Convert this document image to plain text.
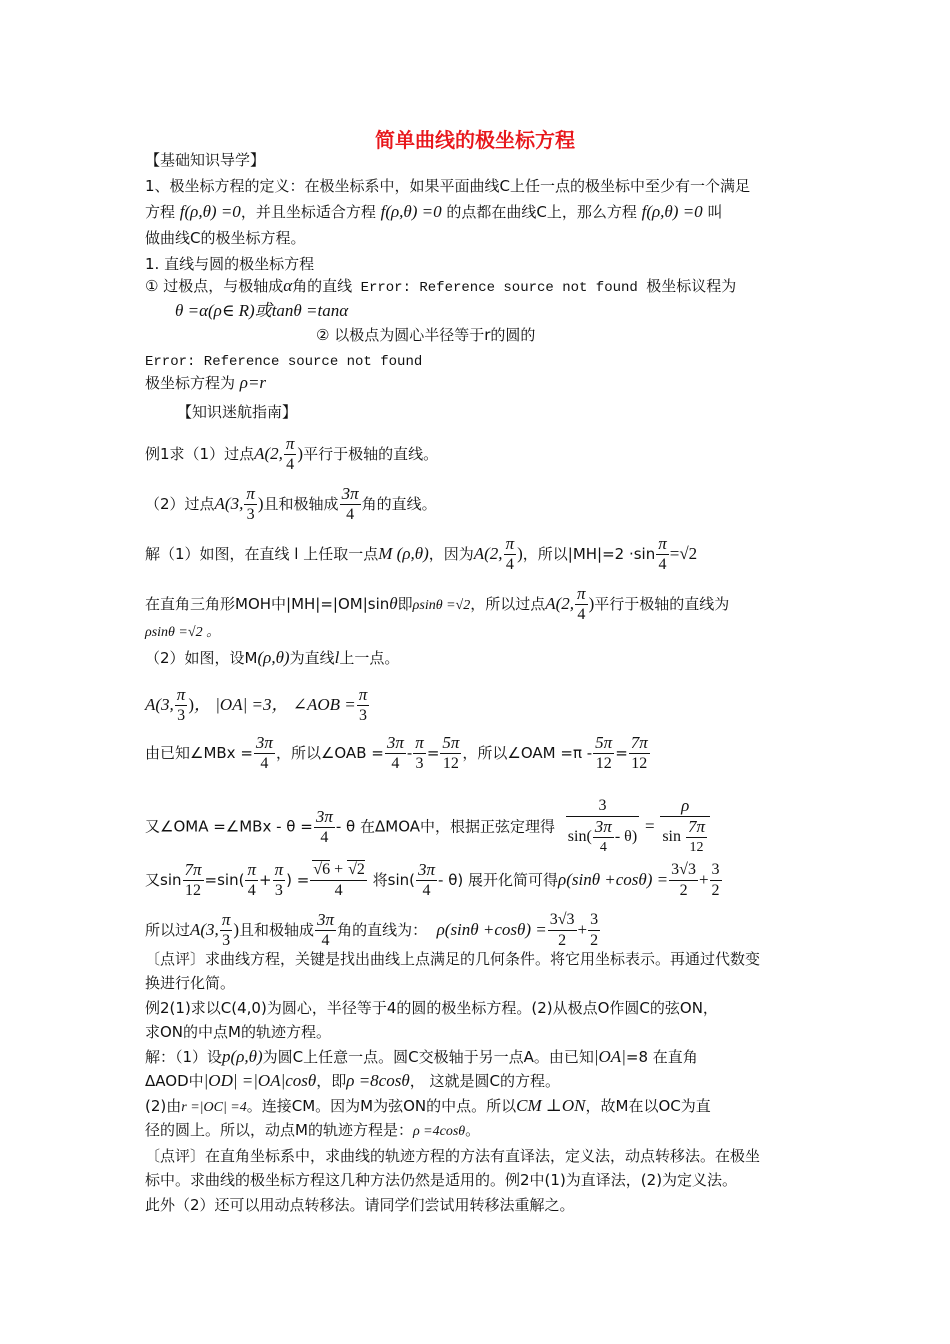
简单曲线的极坐标方程
【基础知识导学】
1、极坐标方程的定义：在极坐标系中，如果平面曲线C上任一点的极坐标中至少有一个满足
方程 f(ρ,θ) =0，并且坐标适合方程 f(ρ,θ) =0 的点都在曲线C上，那么方程 f(ρ,θ) =0 叫
做曲线C的极坐标方程。
1. 直线与圆的极坐标方程
① 过极点，与极轴成α角的直线 Error: Reference source not found 极坐标议程为
θ =α(ρ∈ R)或tanθ =tanα
② 以极点为圆心半径等于r的圆的
Error: Reference source not found
极坐标方程为 ρ=r
【知识迷航指南】
例1求（1）过点A(2, $\frac{\pi}{4}$ )平行于极轴的直线。
（2）过点A(3, $\frac{\pi}{3}$ )且和极轴成 $\frac{3\pi}{4}$ 角的直线。
解（1）如图，在直线 l 上任取一点M (ρ,θ)，因为A(2, $\frac{\pi}{4}$ )，所以$|MH|=2 \cdot\sin \frac{\pi}{4} =√2$
在直角三角形MOH中|MH|=|OM|sinθ即ρsinθ =√2，所以过点A(2, $\frac{\pi}{4}$ )平行于极轴的直线为
ρsinθ =√2 。
（2）如图，设M(ρ,θ)为直线l上一点。
A(3, $\frac{\pi}{3}$ )， |OA| =3， ∠AOB = $\frac{\pi}{3}$
由已知∠MBx = $\frac{3\pi}{4}$ ，所以∠OAB = $\frac{3\pi}{4} - \frac{\pi}{3} = \frac{5\pi}{12}$ ，所以∠OAM $=\pi - \frac{5\pi}{12} = \frac{7\pi}{12}$
又∠OMA =∠MBx - $\theta = \frac{3\pi}{4} - \theta$ 在ΔMOA中，根据正弦定理得 $\frac{3}{\sin( \frac{3\pi}{4} - \theta)} = \frac{\rho}{\sin \frac{7\pi}{12}}$
又$\sin \frac{7\pi}{12} =\sin( \frac{\pi}{4} + \frac{\pi}{3}$ ) = $\frac{√6 + √2}{4}$ 将$\sin( \frac{3\pi}{4} - \theta)$ 展开化简可得$\rho(\sin\theta +\cos\theta) = \frac{3√3}{2} + \frac{3}{2}$
所以过A(3, $\frac{\pi}{3}$ )且和极轴成 $\frac{3\pi}{4}$ 角的直线为： $\rho(\sin\theta +\cos\theta) = \frac{3√3}{2} + \frac{3}{2}$
〔点评〕求曲线方程，关键是找出曲线上点满足的几何条件。将它用坐标表示。再通过代数变
换进行化简。
例2(1)求以C(4,0)为圆心，半径等于4的圆的极坐标方程。(2)从极点O作圆C的弦ON，
求ON的中点M的轨迹方程。
解：（1）设p(ρ,θ)为圆C上任意一点。圆C交极轴于另一点A。由已知|OA|=8 在直角
ΔAOD中|OD| =|OA|cosθ，即ρ =8cosθ， 这就是圆C的方程。
(2)由r =|OC| =4。连接CM。因为M为弦ON的中点。所以CM ⊥ON，故M在以OC为直
径的圆上。所以，动点M的轨迹方程是：ρ =4cosθ。
〔点评〕在直角坐标系中，求曲线的轨迹方程的方法有直译法，定义法，动点转移法。在极坐
标中。求曲线的极坐标方程这几种方法仍然是适用的。例2中(1)为直译法，(2)为定义法。
此外（2）还可以用动点转移法。请同学们尝试用转移法重解之。
